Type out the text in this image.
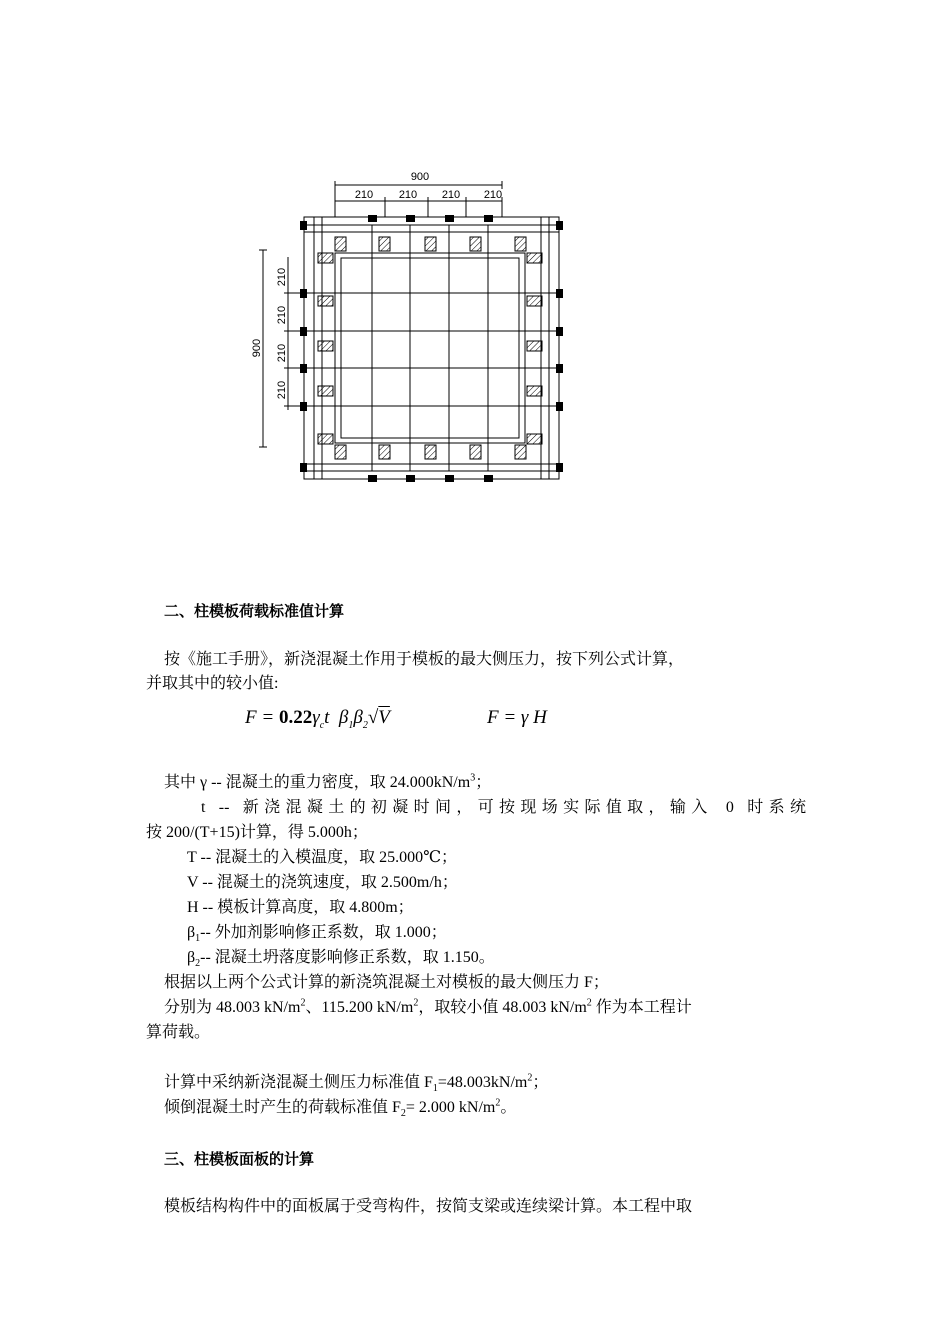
900
210 210 210 210
900
210
210
210
210
二、柱模板荷载标准值计算
按《施工手册》，新浇混凝土作用于模板的最大侧压力，按下列公式计算，
并取其中的较小值:
$F = 0.22\gamma_ct$ $\beta_1\beta_2√V$	F = γ H
其中 γ -- 混凝土的重力密度，取 $24.000kN/m^3$；
t -- 新浇混凝土的初凝时间，可按现场实际值取，输入 0 时系统
按 200/(T+15)计算，得 5.000h；
T -- 混凝土的入模温度，取 25.000℃；
V -- 混凝土的浇筑速度，取 2.500m/h；
H -- 模板计算高度，取 4.800m；
$\beta_1--$ 外加剂影响修正系数，取 1.000；
$\beta_2--$ 混凝土坍落度影响修正系数，取 1.150。
根据以上两个公式计算的新浇筑混凝土对模板的最大侧压力 F；
分别为 48.003 $kN/m^2$、115.200 $kN/m^2$，取较小值 48.003 $kN/m^2$ 作为本工程计
算荷载。
计算中采纳新浇混凝土侧压力标准值 $F_1=48.003kN/m^2$；
倾倒混凝土时产生的荷载标准值 $F_2= 2.000$ $kN/m^2$。
三、柱模板面板的计算
模板结构构件中的面板属于受弯构件，按简支梁或连续梁计算。本工程中取
